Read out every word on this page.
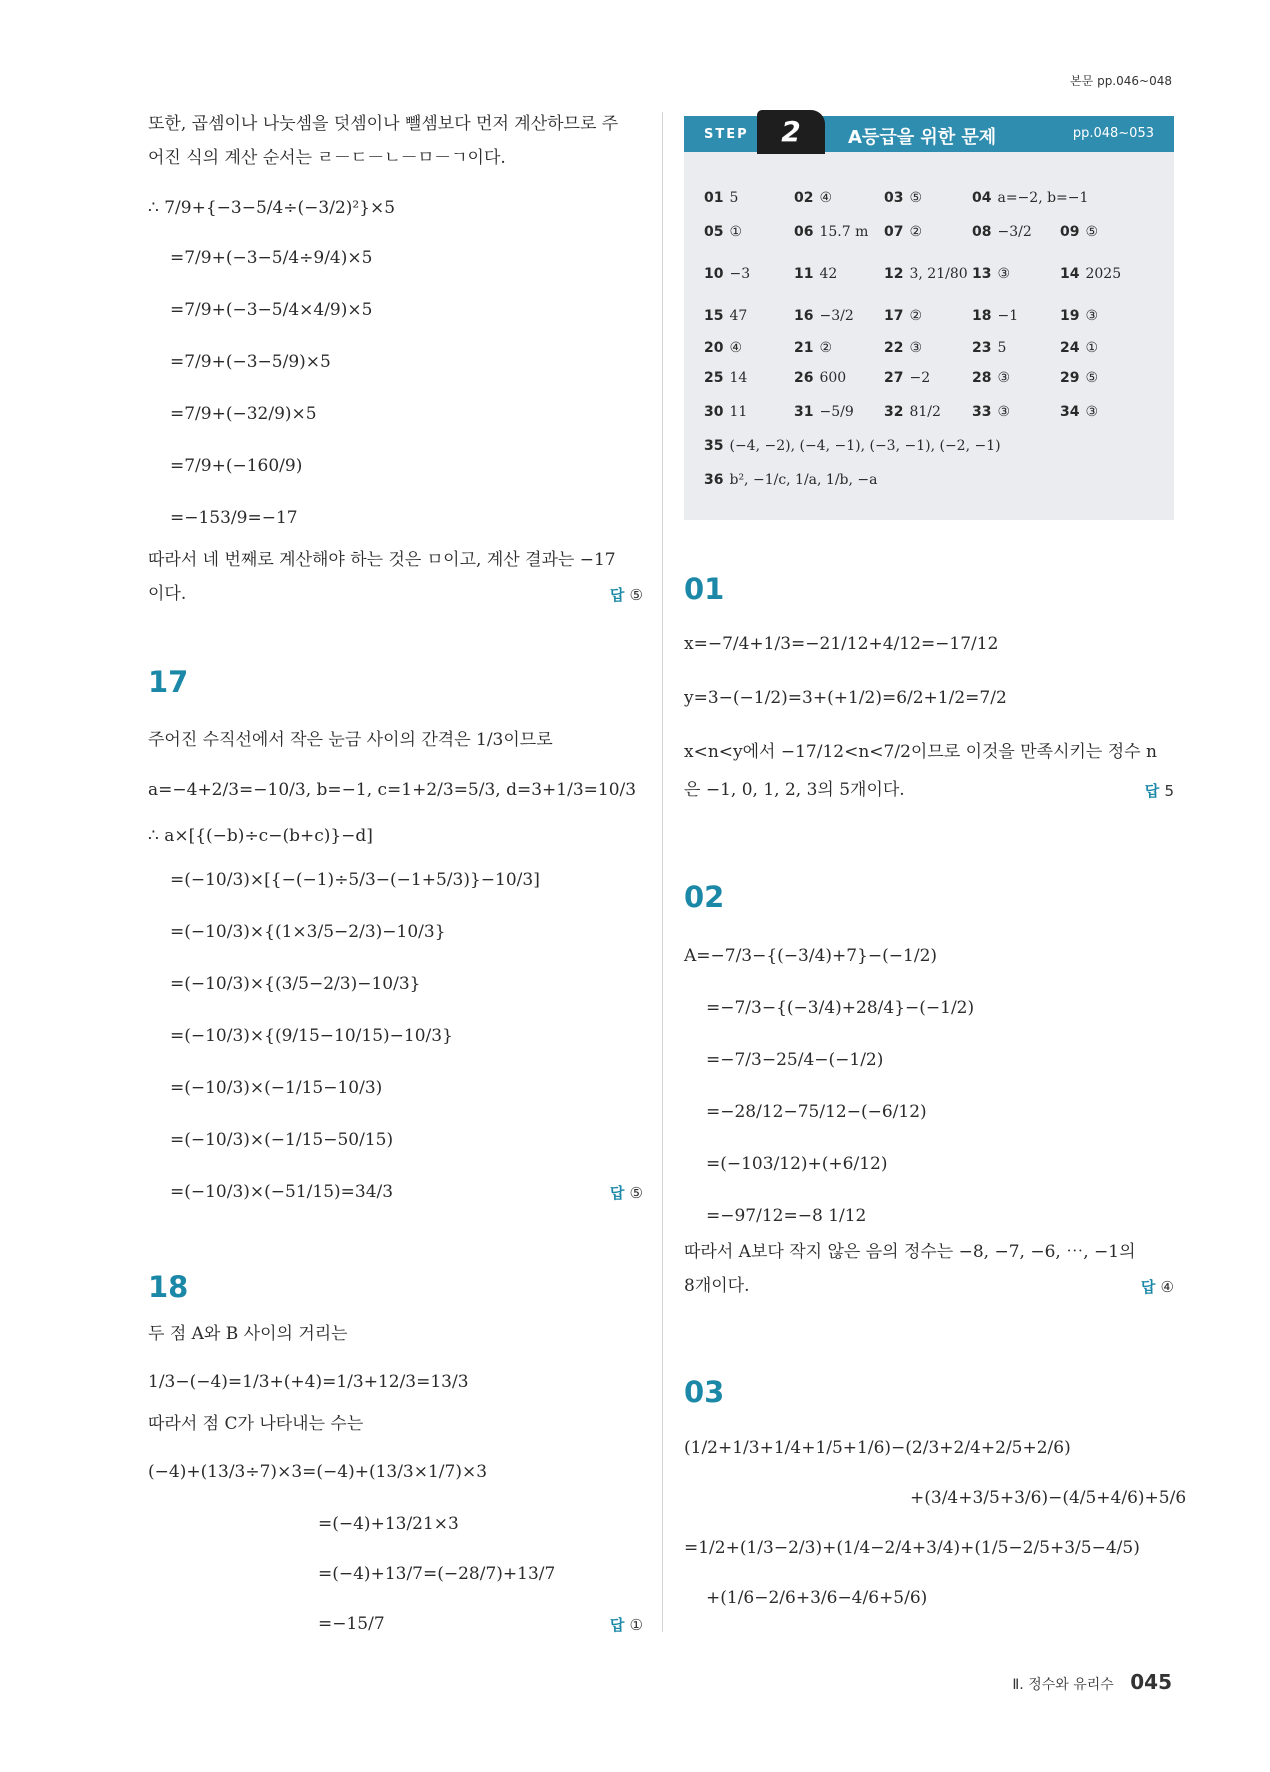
본문 pp.046~048
또한, 곱셈이나 나눗셈을 덧셈이나 뺄셈보다 먼저 계산하므로 주
어진 식의 계산 순서는 ㄹ－ㄷ－ㄴ－ㅁ－ㄱ이다.
∴ 7/9+{−3−5/4÷(−3/2)²}×5
=7/9+(−3−5/4÷9/4)×5
=7/9+(−3−5/4×4/9)×5
=7/9+(−3−5/9)×5
=7/9+(−32/9)×5
=7/9+(−160/9)
=−153/9=−17
따라서 네 번째로 계산해야 하는 것은 ㅁ이고, 계산 결과는 −17
이다.	답 ⑤
17
주어진 수직선에서 작은 눈금 사이의 간격은 1/3이므로
a=−4+2/3=−10/3, b=−1, c=1+2/3=5/3, d=3+1/3=10/3
∴ a×[{(−b)÷c−(b+c)}−d]
=(−10/3)×[{−(−1)÷5/3−(−1+5/3)}−10/3]
=(−10/3)×{(1×3/5−2/3)−10/3}
=(−10/3)×{(3/5−2/3)−10/3}
=(−10/3)×{(9/15−10/15)−10/3}
=(−10/3)×(−1/15−10/3)
=(−10/3)×(−1/15−50/15)
=(−10/3)×(−51/15)=34/3	답 ⑤
18
두 점 A와 B 사이의 거리는
1/3−(−4)=1/3+(+4)=1/3+12/3=13/3
따라서 점 C가 나타내는 수는
(−4)+(13/3÷7)×3=(−4)+(13/3×1/7)×3
=(−4)+13/21×3
=(−4)+13/7=(−28/7)+13/7
=−15/7	답 ①
STEP	2	A등급을 위한 문제	pp.048~053
01 5	02 ④	03 ⑤	04 a=−2, b=−1
05 ①	06 15.7 m 07 ②	08 −3/2 09 ⑤
10 −3	11 42	12 3, 21/80 13 ③	14 2025
15 47	16 −3/2 17 ②	18 −1	19 ③
20 ④	21 ②	22 ③	23 5	24 ①
25 14	26 600	27 −2	28 ③	29 ⑤
30 11	31 −5/9 32 81/2 33 ③	34 ③
35 (−4, −2), (−4, −1), (−3, −1), (−2, −1)
36 b², −1/c, 1/a, 1/b, −a
01
x=−7/4+1/3=−21/12+4/12=−17/12
y=3−(−1/2)=3+(+1/2)=6/2+1/2=7/2
x<n<y에서 −17/12<n<7/2이므로 이것을 만족시키는 정수 n
은 −1, 0, 1, 2, 3의 5개이다.	답 5
02
A=−7/3−{(−3/4)+7}−(−1/2)
=−7/3−{(−3/4)+28/4}−(−1/2)
=−7/3−25/4−(−1/2)
=−28/12−75/12−(−6/12)
=(−103/12)+(+6/12)
=−97/12=−8 1/12
따라서 A보다 작지 않은 음의 정수는 −8, −7, −6, ⋯, −1의
8개이다.	답 ④
03
(1/2+1/3+1/4+1/5+1/6)−(2/3+2/4+2/5+2/6)
+(3/4+3/5+3/6)−(4/5+4/6)+5/6
=1/2+(1/3−2/3)+(1/4−2/4+3/4)+(1/5−2/5+3/5−4/5)
+(1/6−2/6+3/6−4/6+5/6)
Ⅱ. 정수와 유리수 045
